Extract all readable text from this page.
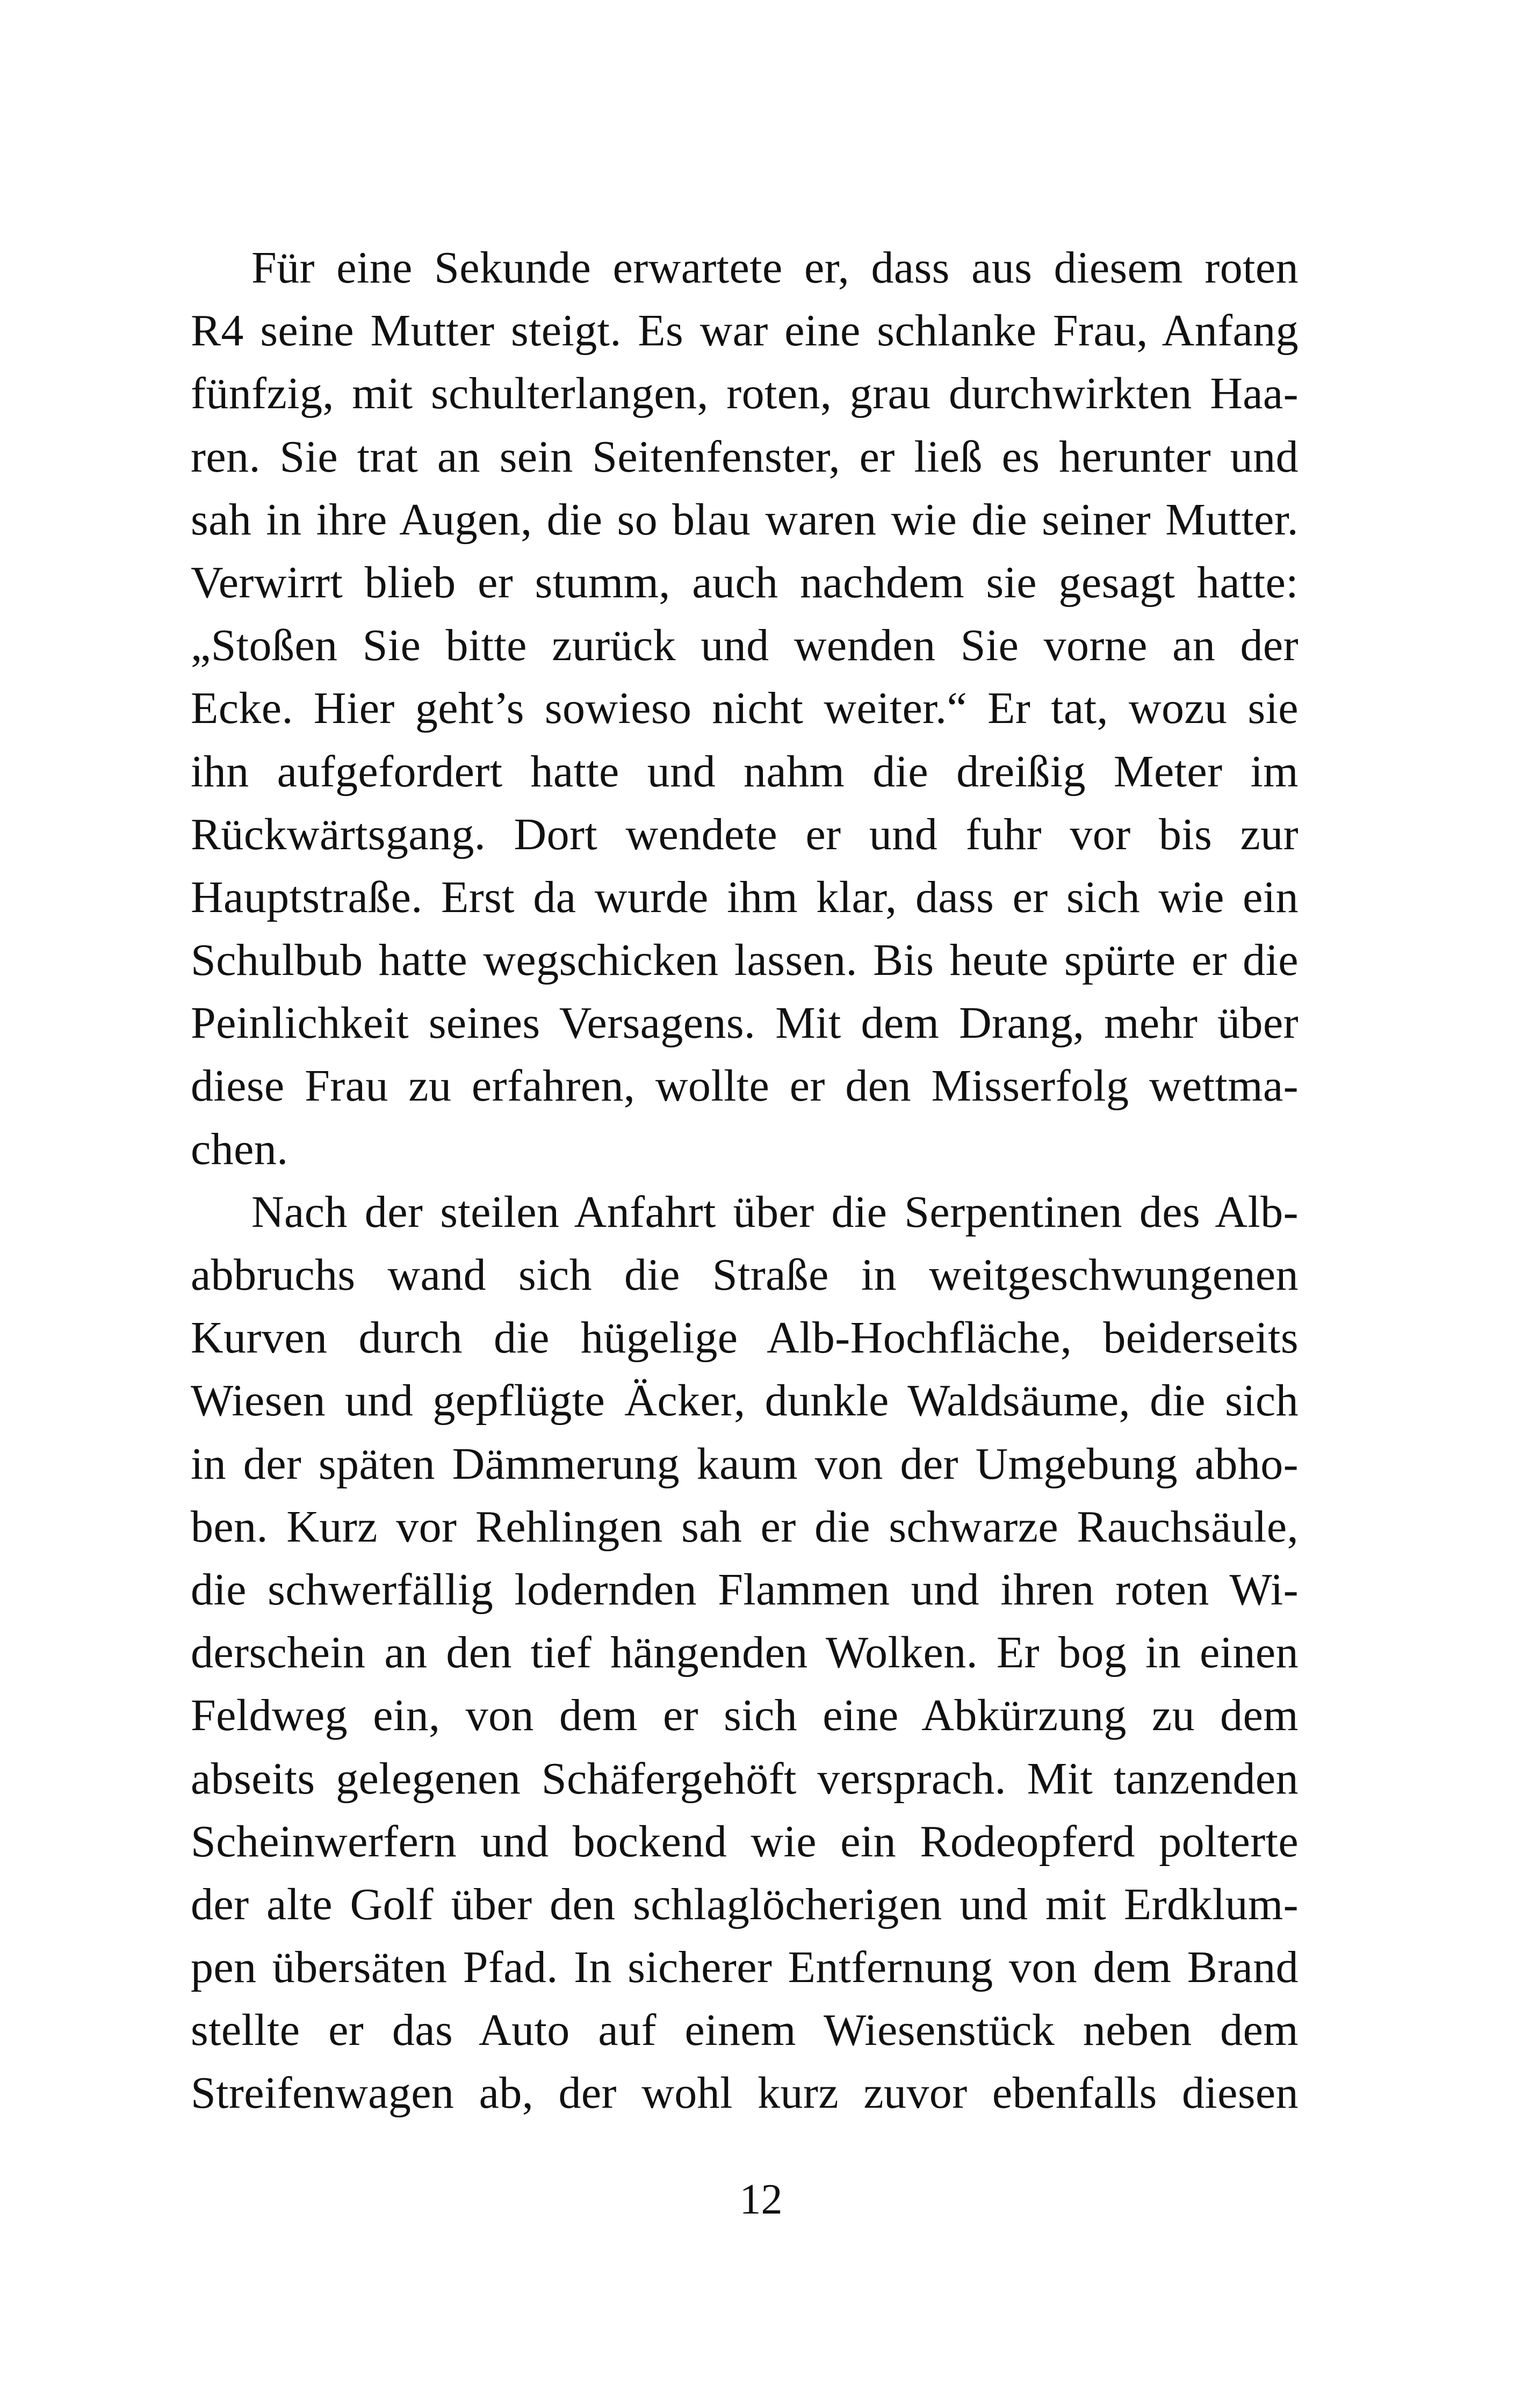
Für eine Sekunde erwartete er, dass aus diesem roten
R4 seine Mutter steigt. Es war eine schlanke Frau, Anfang
fünfzig, mit schulterlangen, roten, grau durchwirkten Haa-
ren. Sie trat an sein Seitenfenster, er ließ es herunter und
sah in ihre Augen, die so blau waren wie die seiner Mutter.
Verwirrt blieb er stumm, auch nachdem sie gesagt hatte:
„Stoßen Sie bitte zurück und wenden Sie vorne an der
Ecke. Hier geht’s sowieso nicht weiter.“ Er tat, wozu sie
ihn aufgefordert hatte und nahm die dreißig Meter im
Rückwärtsgang. Dort wendete er und fuhr vor bis zur
Hauptstraße. Erst da wurde ihm klar, dass er sich wie ein
Schulbub hatte wegschicken lassen. Bis heute spürte er die
Peinlichkeit seines Versagens. Mit dem Drang, mehr über
diese Frau zu erfahren, wollte er den Misserfolg wettma-
chen.
Nach der steilen Anfahrt über die Serpentinen des Alb-
abbruchs wand sich die Straße in weitgeschwungenen
Kurven durch die hügelige Alb-Hochfläche, beiderseits
Wiesen und gepflügte Äcker, dunkle Waldsäume, die sich
in der späten Dämmerung kaum von der Umgebung abho-
ben. Kurz vor Rehlingen sah er die schwarze Rauchsäule,
die schwerfällig lodernden Flammen und ihren roten Wi-
derschein an den tief hängenden Wolken. Er bog in einen
Feldweg ein, von dem er sich eine Abkürzung zu dem
abseits gelegenen Schäfergehöft versprach. Mit tanzenden
Scheinwerfern und bockend wie ein Rodeopferd polterte
der alte Golf über den schlaglöcherigen und mit Erdklum-
pen übersäten Pfad. In sicherer Entfernung von dem Brand
stellte er das Auto auf einem Wiesenstück neben dem
Streifenwagen ab, der wohl kurz zuvor ebenfalls diesen
12
